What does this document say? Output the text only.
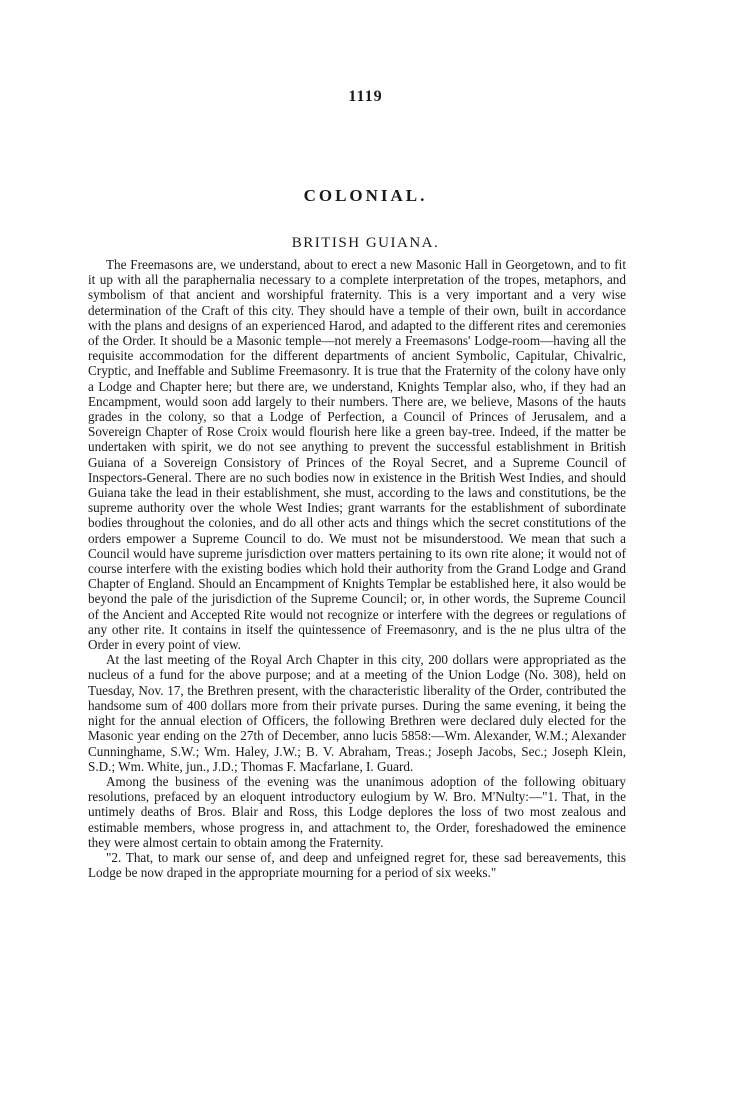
1119
COLONIAL.
BRITISH GUIANA.

The Freemasons are, we understand, about to erect a new Masonic Hall in Georgetown, and to fit it up with all the paraphernalia necessary to a complete interpretation of the tropes, metaphors, and symbolism of that ancient and worshipful fraternity. This is a very important and a very wise determination of the Craft of this city. They should have a temple of their own, built in accordance with the plans and designs of an experienced Harod, and adapted to the different rites and ceremonies of the Order. It should be a Masonic temple—not merely a Freemasons' Lodge-room—having all the requisite accommodation for the different departments of ancient Symbolic, Capitular, Chivalric, Cryptic, and Ineffable and Sublime Freemasonry. It is true that the Fraternity of the colony have only a Lodge and Chapter here; but there are, we understand, Knights Templar also, who, if they had an Encampment, would soon add largely to their numbers. There are, we believe, Masons of the hauts grades in the colony, so that a Lodge of Perfection, a Council of Princes of Jerusalem, and a Sovereign Chapter of Rose Croix would flourish here like a green bay-tree. Indeed, if the matter be undertaken with spirit, we do not see anything to prevent the successful establishment in British Guiana of a Sovereign Consistory of Princes of the Royal Secret, and a Supreme Council of Inspectors-General. There are no such bodies now in existence in the British West Indies, and should Guiana take the lead in their establishment, she must, according to the laws and constitutions, be the supreme authority over the whole West Indies; grant warrants for the establishment of subordinate bodies throughout the colonies, and do all other acts and things which the secret constitutions of the orders empower a Supreme Council to do. We must not be misunderstood. We mean that such a Council would have supreme jurisdiction over matters pertaining to its own rite alone; it would not of course interfere with the existing bodies which hold their authority from the Grand Lodge and Grand Chapter of England. Should an Encampment of Knights Templar be established here, it also would be beyond the pale of the jurisdiction of the Supreme Council; or, in other words, the Supreme Council of the Ancient and Accepted Rite would not recognize or interfere with the degrees or regulations of any other rite. It contains in itself the quintessence of Freemasonry, and is the ne plus ultra of the Order in every point of view.

At the last meeting of the Royal Arch Chapter in this city, 200 dollars were appropriated as the nucleus of a fund for the above purpose; and at a meeting of the Union Lodge (No. 308), held on Tuesday, Nov. 17, the Brethren present, with the characteristic liberality of the Order, contributed the handsome sum of 400 dollars more from their private purses. During the same evening, it being the night for the annual election of Officers, the following Brethren were declared duly elected for the Masonic year ending on the 27th of December, anno lucis 5858:—Wm. Alexander, W.M.; Alexander Cunninghame, S.W.; Wm. Haley, J.W.; B. V. Abraham, Treas.; Joseph Jacobs, Sec.; Joseph Klein, S.D.; Wm. White, jun., J.D.; Thomas F. Macfarlane, I. Guard.

Among the business of the evening was the unanimous adoption of the following obituary resolutions, prefaced by an eloquent introductory eulogium by W. Bro. M'Nulty:—"1. That, in the untimely deaths of Bros. Blair and Ross, this Lodge deplores the loss of two most zealous and estimable members, whose progress in, and attachment to, the Order, foreshadowed the eminence they were almost certain to obtain among the Fraternity.

"2. That, to mark our sense of, and deep and unfeigned regret for, these sad bereavements, this Lodge be now draped in the appropriate mourning for a period of six weeks."
